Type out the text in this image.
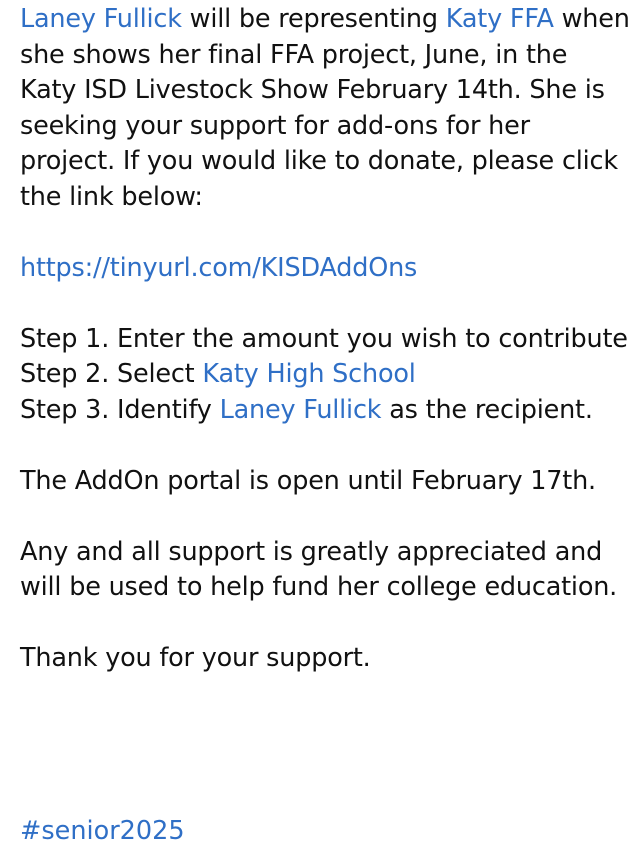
Laney Fullick will be representing Katy FFA when she shows her final FFA project, June, in the Katy ISD Livestock Show February 14th. She is seeking your support for add-ons for her project. If you would like to donate, please click the link below:

https://tinyurl.com/KISDAddOns

Step 1. Enter the amount you wish to contribute
Step 2. Select Katy High School
Step 3. Identify Laney Fullick as the recipient.

The AddOn portal is open until February 17th.

Any and all support is greatly appreciated and will be used to help fund her college education.

Thank you for your support.

#senior2025
